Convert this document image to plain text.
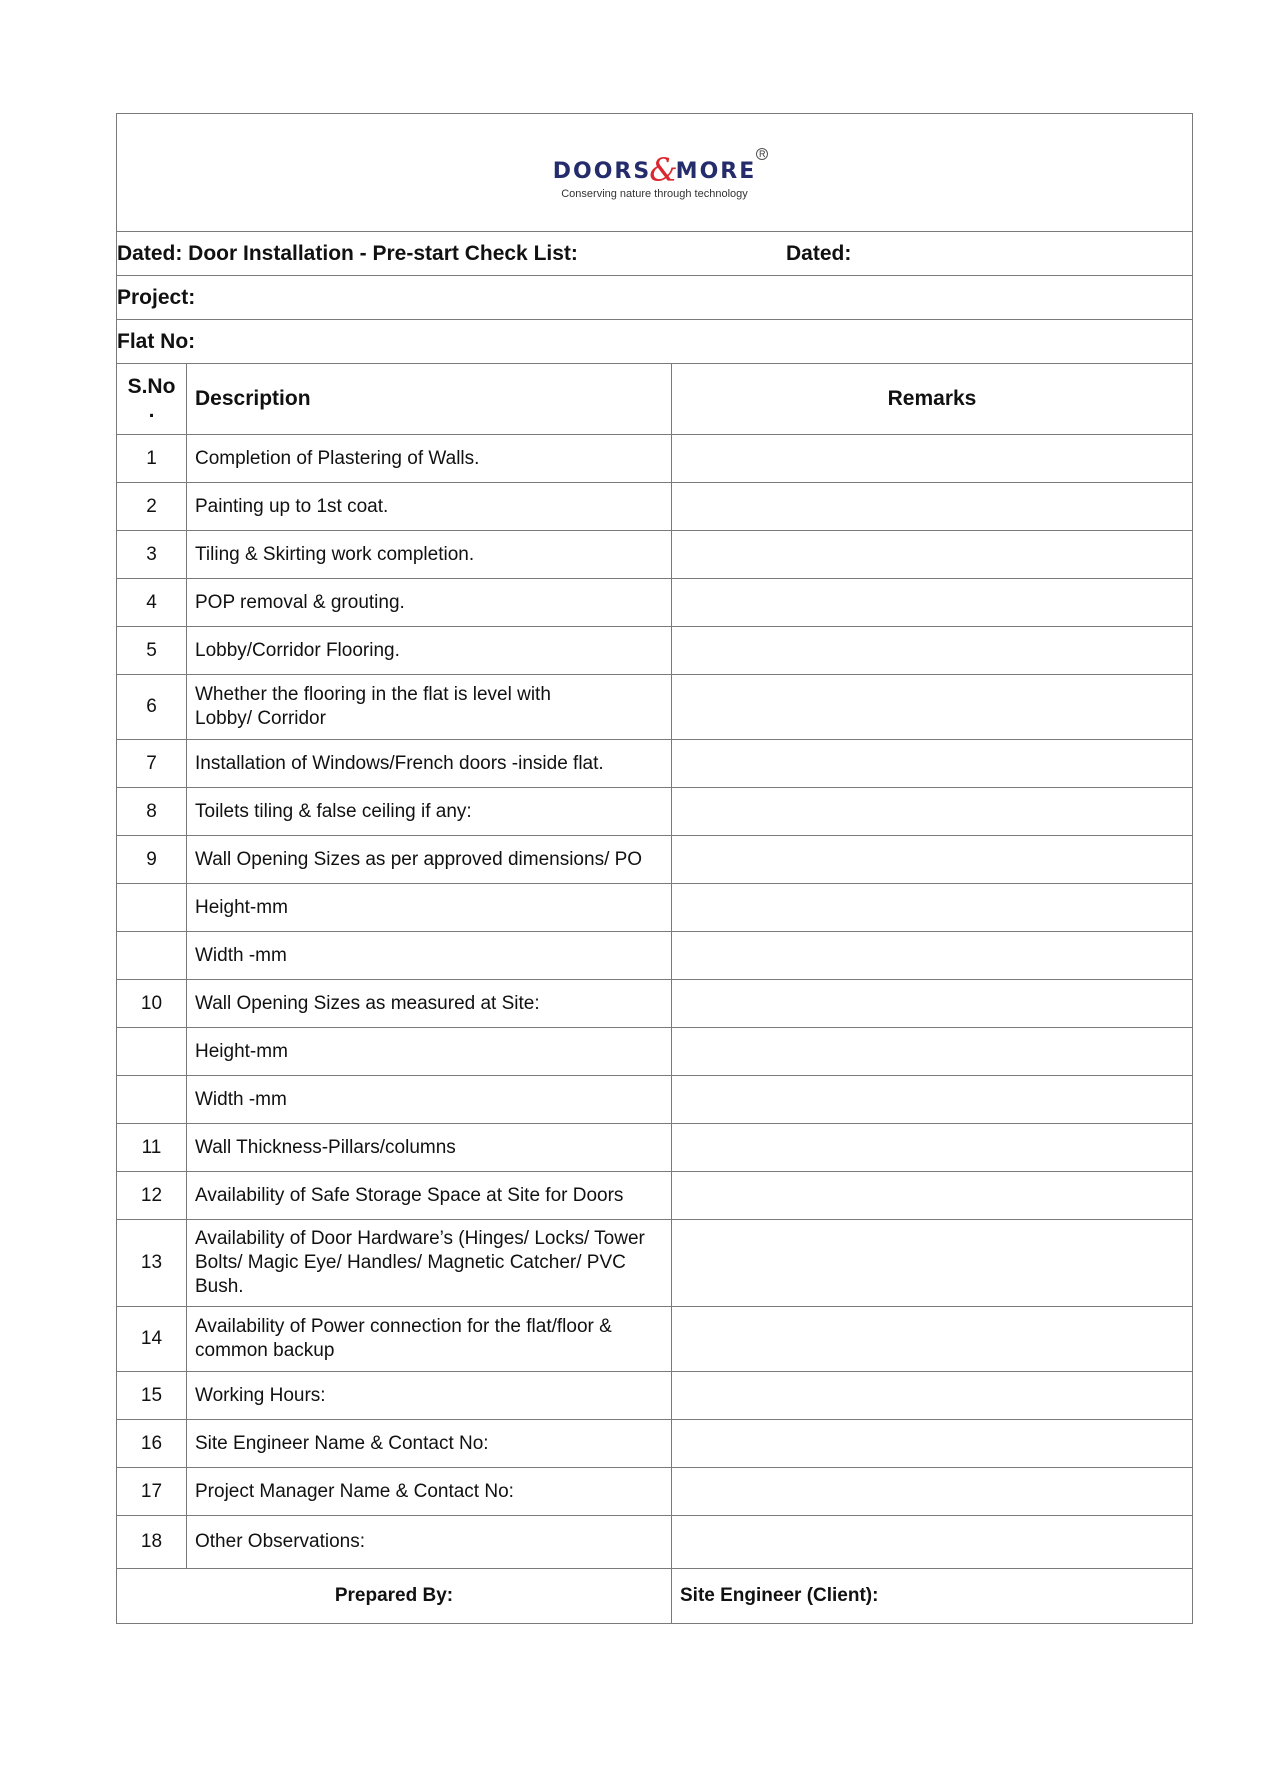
DOORS&MORE
R
Conserving nature through technology		

Dated: Door Installation - Pre-start Check List: Dated:		

Project:		
Flat No:		
S.No
.	Description	Remarks
1	Completion of Plastering of Walls.	

2	Painting up to 1st coat.	

3	Tiling & Skirting work completion.	

4	POP removal & grouting.	

5	Lobby/Corridor Flooring.	

6	Whether the flooring in the flat is level with Lobby/ Corridor	

7	Installation of Windows/French doors -inside flat.	

8	Toilets tiling & false ceiling if any:	

9	Wall Opening Sizes as per approved dimensions/ PO	

	Height-mm	

	Width -mm	

10	Wall Opening Sizes as measured at Site:	

	Height-mm	

	Width -mm	

11	Wall Thickness-Pillars/columns	

12	Availability of Safe Storage Space at Site for Doors	

13	Availability of Door Hardware’s (Hinges/ Locks/ Tower Bolts/ Magic Eye/ Handles/ Magnetic Catcher/ PVC Bush.	

14	Availability of Power connection for the flat/floor & common backup	

15	Working Hours:	

16	Site Engineer Name & Contact No:	

17	Project Manager Name & Contact No:	

18	Other Observations:	

Prepared By:		Site Engineer (Client):
